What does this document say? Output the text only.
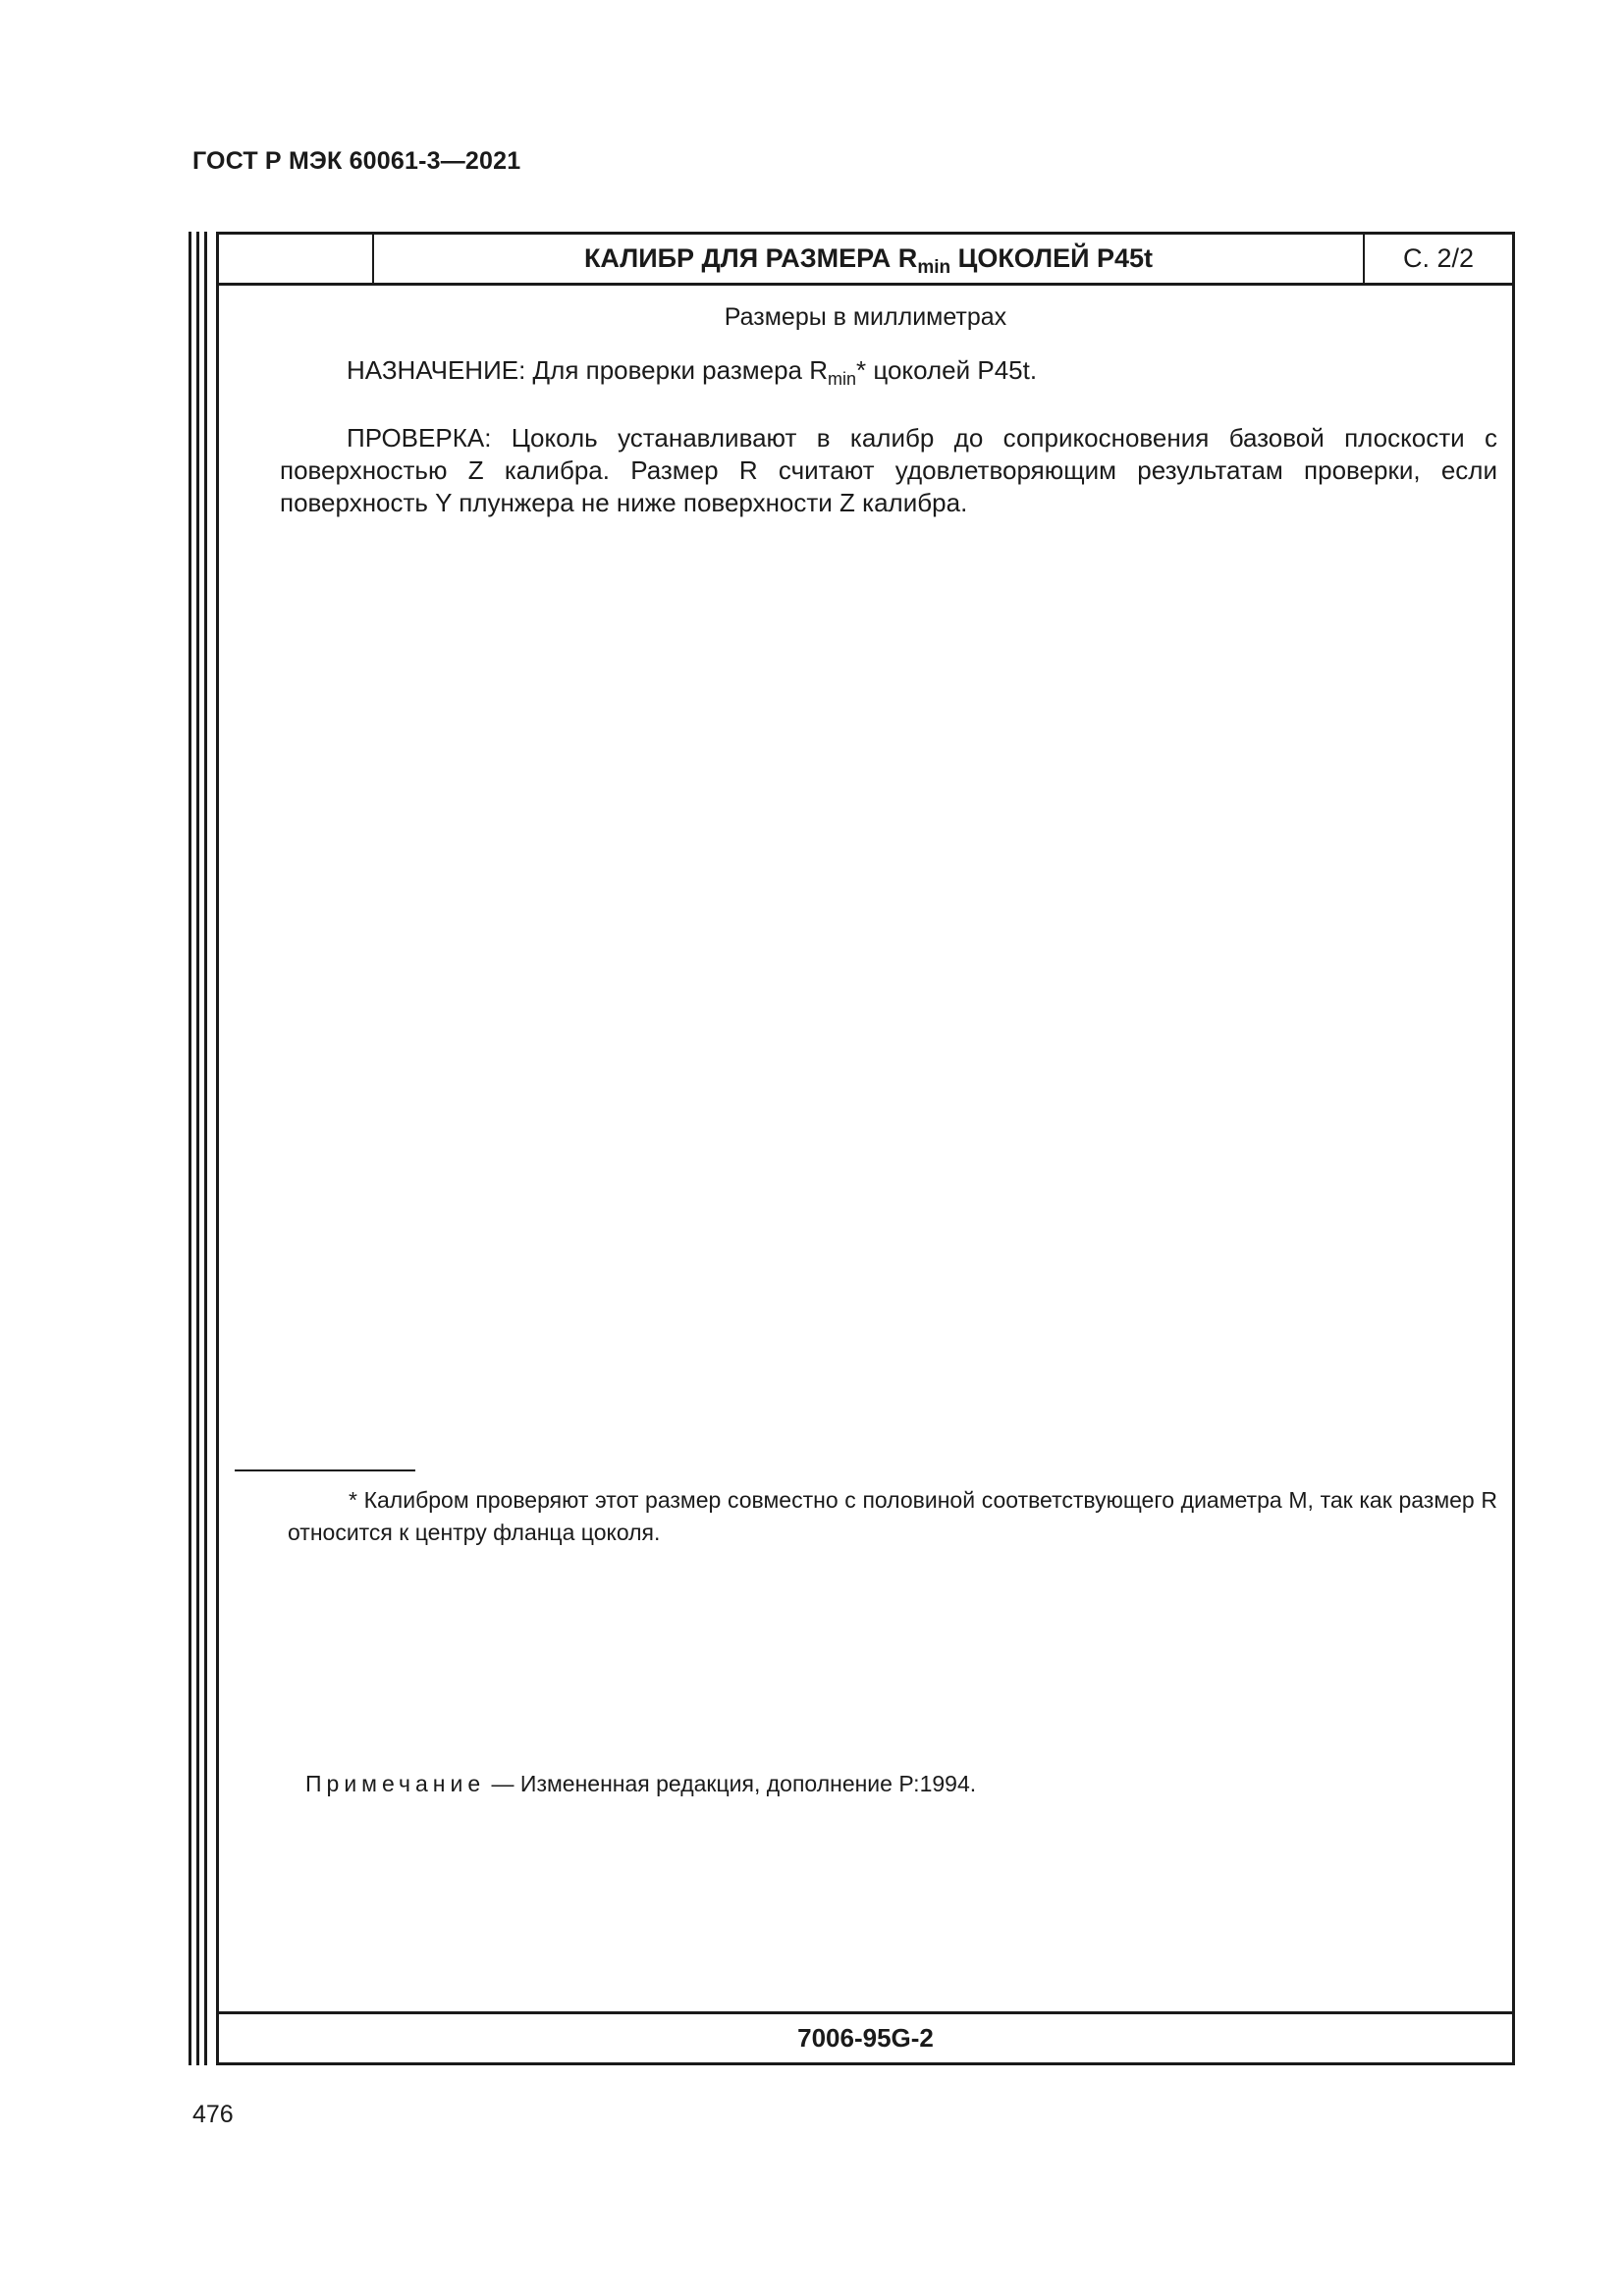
ГОСТ Р МЭК 60061-3—2021
КАЛИБР ДЛЯ РАЗМЕРА $R_{min}$ ЦОКОЛЕЙ Р45t	С. 2/2
Размеры в миллиметрах
НАЗНАЧЕНИЕ: Для проверки размера $R_{min}*$ цоколей Р45t.
ПРОВЕРКА: Цоколь устанавливают в калибр до соприкосновения базовой плоскости с поверхностью Z калибра. Размер R считают удовлетворяющим результатам проверки, если поверхность Y плунжера не ниже поверхности Z калибра.
* Калибром проверяют этот размер совместно с половиной соответствующего диаметра М, так как размер R относится к центру фланца цоколя.
Примечание — Измененная редакция, дополнение Р:1994.
7006-95G-2
476
